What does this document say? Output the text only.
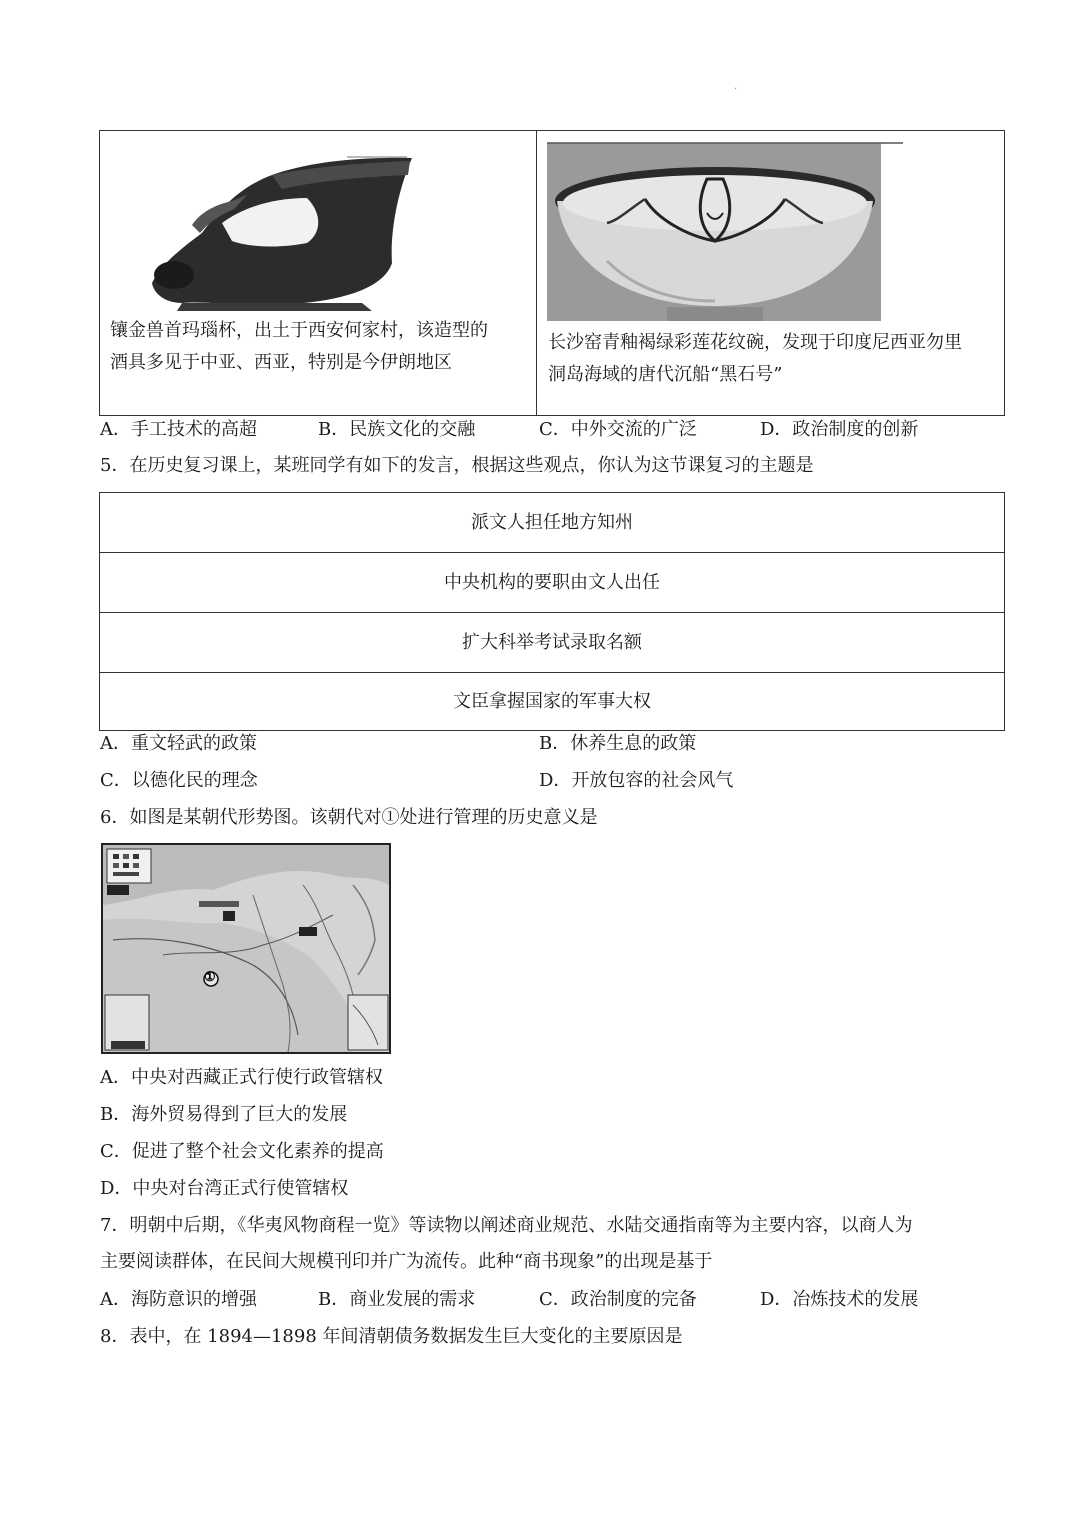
·
镶金兽首玛瑙杯，出土于西安何家村，该造型的
酒具多见于中亚、西亚，特别是今伊朗地区
长沙窑青釉褐绿彩莲花纹碗，发现于印度尼西亚勿里
洞岛海域的唐代沉船“黑石号”
A．手工技术的高超	B．民族文化的交融	C．中外交流的广泛	D．政治制度的创新
5．在历史复习课上，某班同学有如下的发言，根据这些观点，你认为这节课复习的主题是
派文人担任地方知州
中央机构的要职由文人出任
扩大科举考试录取名额
文臣拿握国家的军事大权
A．重文轻武的政策	B．休养生息的政策
C．以德化民的理念	D．开放包容的社会风气
6．如图是某朝代形势图。该朝代对①处进行管理的历史意义是
①
A．中央对西藏正式行使行政管辖权
B．海外贸易得到了巨大的发展
C．促进了整个社会文化素养的提高
D．中央对台湾正式行使管辖权
7．明朝中后期，《华夷风物商程一览》等读物以阐述商业规范、水陆交通指南等为主要内容，以商人为
主要阅读群体，在民间大规模刊印并广为流传。此种“商书现象”的出现是基于
A．海防意识的增强	B．商业发展的需求	C．政治制度的完备	D．冶炼技术的发展
8．表中，在 1894—1898 年间清朝债务数据发生巨大变化的主要原因是
